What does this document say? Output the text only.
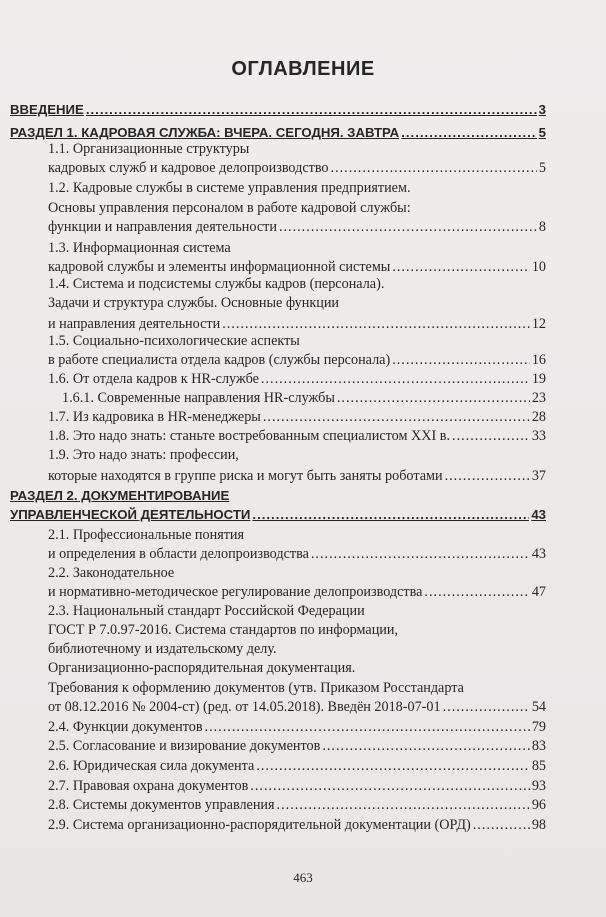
ОГЛАВЛЕНИЕ
ВВЕДЕНИЕ .....	3
РАЗДЕЛ 1. КАДРОВАЯ СЛУЖБА: ВЧЕРА. СЕГОДНЯ. ЗАВТРА .....	5
1.1. Организационные структуры
кадровых служб и кадровое делопроизводство .....	5
1.2. Кадровые службы в системе управления предприятием.
Основы управления персоналом в работе кадровой службы:
функции и направления деятельности .....	8
1.3. Информационная система
кадровой службы и элементы информационной системы .....	10
1.4. Система и подсистемы службы кадров (персонала).
Задачи и структура службы. Основные функции
и направления деятельности .....	12
1.5. Социально-психологические аспекты
в работе специалиста отдела кадров (службы персонала) .....	16
1.6. От отдела кадров к HR-службе .....	19
1.6.1. Современные направления HR-службы .....	23
1.7. Из кадровика в HR-менеджеры .....	28
1.8. Это надо знать: станьте востребованным специалистом XXI в. .....	33
1.9. Это надо знать: профессии,
которые находятся в группе риска и могут быть заняты роботами .....	37
РАЗДЕЛ 2. ДОКУМЕНТИРОВАНИЕ
УПРАВЛЕНЧЕСКОЙ ДЕЯТЕЛЬНОСТИ .....	43
2.1. Профессиональные понятия
и определения в области делопроизводства .....	43
2.2. Законодательное
и нормативно-методическое регулирование делопроизводства .....	47
2.3. Национальный стандарт Российской Федерации
ГОСТ Р 7.0.97-2016. Система стандартов по информации,
библиотечному и издательскому делу.
Организационно-распорядительная документация.
Требования к оформлению документов (утв. Приказом Росстандарта
от 08.12.2016 № 2004-ст) (ред. от 14.05.2018). Введён 2018-07-01 .....	54
2.4. Функции документов .....	79
2.5. Согласование и визирование документов .....	83
2.6. Юридическая сила документа .....	85
2.7. Правовая охрана документов .....	93
2.8. Системы документов управления .....	96
2.9. Система организационно-распорядительной документации (ОРД) .....	98
463
